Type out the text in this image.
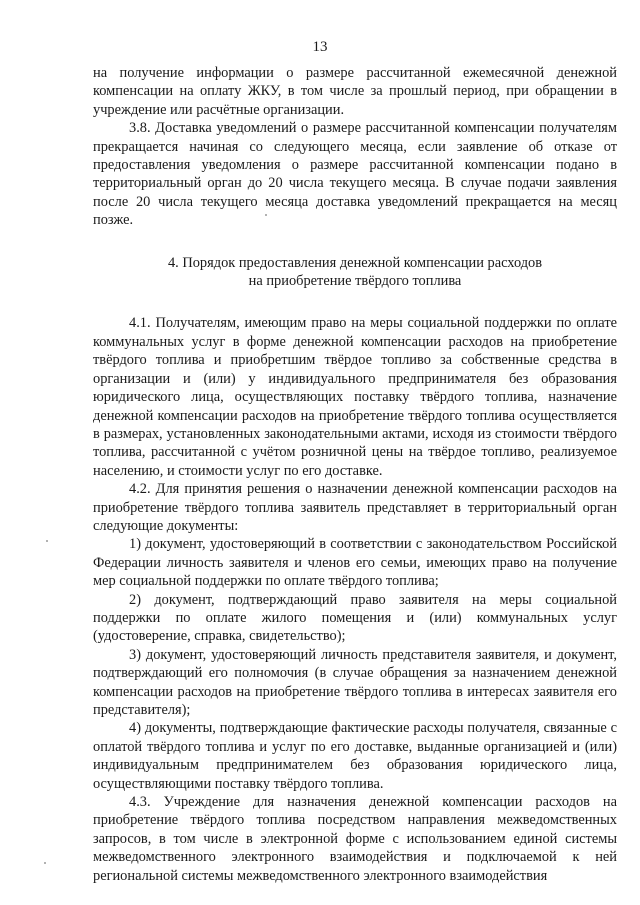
13

на получение информации о размере рассчитанной ежемесячной денежной компенсации на оплату ЖКУ, в том числе за прошлый период, при обращении в учреждение или расчётные организации.

3.8. Доставка уведомлений о размере рассчитанной компенсации получателям прекращается начиная со следующего месяца, если заявление об отказе от предоставления уведомления о размере рассчитанной компенсации подано в территориальный орган до 20 числа текущего месяца. В случае подачи заявления после 20 числа текущего месяца доставка уведомлений прекращается на месяц позже.

4. Порядок предоставления денежной компенсации расходов
на приобретение твёрдого топлива

4.1. Получателям, имеющим право на меры социальной поддержки по оплате коммунальных услуг в форме денежной компенсации расходов на приобретение твёрдого топлива и приобретшим твёрдое топливо за собственные средства в организации и (или) у индивидуального предпринимателя без образования юридического лица, осуществляющих поставку твёрдого топлива, назначение денежной компенсации расходов на приобретение твёрдого топлива осуществляется в размерах, установленных законодательными актами, исходя из стоимости твёрдого топлива, рассчитанной с учётом розничной цены на твёрдое топливо, реализуемое населению, и стоимости услуг по его доставке.

4.2. Для принятия решения о назначении денежной компенсации расходов на приобретение твёрдого топлива заявитель представляет в территориальный орган следующие документы:

1) документ, удостоверяющий в соответствии с законодательством Российской Федерации личность заявителя и членов его семьи, имеющих право на получение мер социальной поддержки по оплате твёрдого топлива;

2) документ, подтверждающий право заявителя на меры социальной поддержки по оплате жилого помещения и (или) коммунальных услуг (удостоверение, справка, свидетельство);

3) документ, удостоверяющий личность представителя заявителя, и документ, подтверждающий его полномочия (в случае обращения за назначением денежной компенсации расходов на приобретение твёрдого топлива в интересах заявителя его представителя);

4) документы, подтверждающие фактические расходы получателя, связанные с оплатой твёрдого топлива и услуг по его доставке, выданные организацией и (или) индивидуальным предпринимателем без образования юридического лица, осуществляющими поставку твёрдого топлива.

4.3. Учреждение для назначения денежной компенсации расходов на приобретение твёрдого топлива посредством направления межведомственных запросов, в том числе в электронной форме с использованием единой системы межведомственного электронного взаимодействия и подключаемой к ней региональной системы межведомственного электронного взаимодействия
